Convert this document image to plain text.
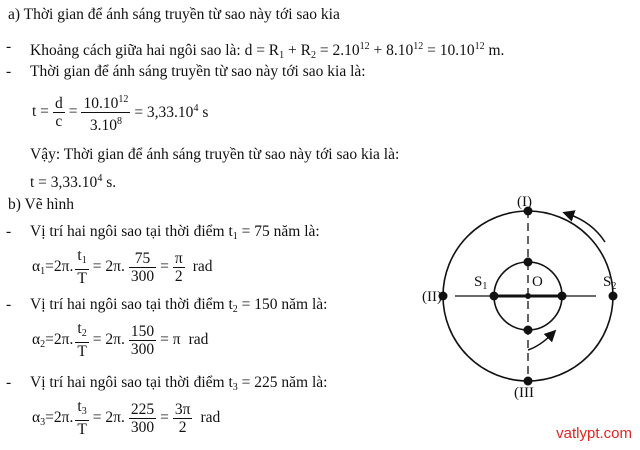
a) Thời gian để ánh sáng truyền từ sao này tới sao kia
- Khoảng cách giữa hai ngôi sao là: $d = R_1 + R_2 = 2.10^{12} + 8.10^{12} = 10.10^{12}$ m.
- Thời gian để ánh sáng truyền từ sao này tới sao kia là:
$t = \frac{d}{c} = \frac{10.10^{12}}{3.10^8} = 3,33.10^4$ s
Vậy: Thời gian để ánh sáng truyền từ sao này tới sao kia là:
$t = 3,33.10^4$ s.
b) Vẽ hình
- Vị trí hai ngôi sao tại thời điểm $t_1 = 75$ năm là:
$\alpha_1 =2\pi$. $\frac{t_1}{T} = 2\pi$. $\frac{75}{300} = \frac{\pi}{2}$ rad
- Vị trí hai ngôi sao tại thời điểm $t_2 = 150$ năm là:
$\alpha_2 =2\pi$. $\frac{t_2}{T} = 2\pi$. $\frac{150}{300} = \pi$ rad
- Vị trí hai ngôi sao tại thời điểm $t_3 = 225$ năm là:
$\alpha_3 =2\pi$. $\frac{t_3}{T} = 2\pi$. $\frac{225}{300} = \frac{3\pi}{2}$ rad
(I)
(II)
(III
$S_1$	O	$S_2$
vatlypt.com
